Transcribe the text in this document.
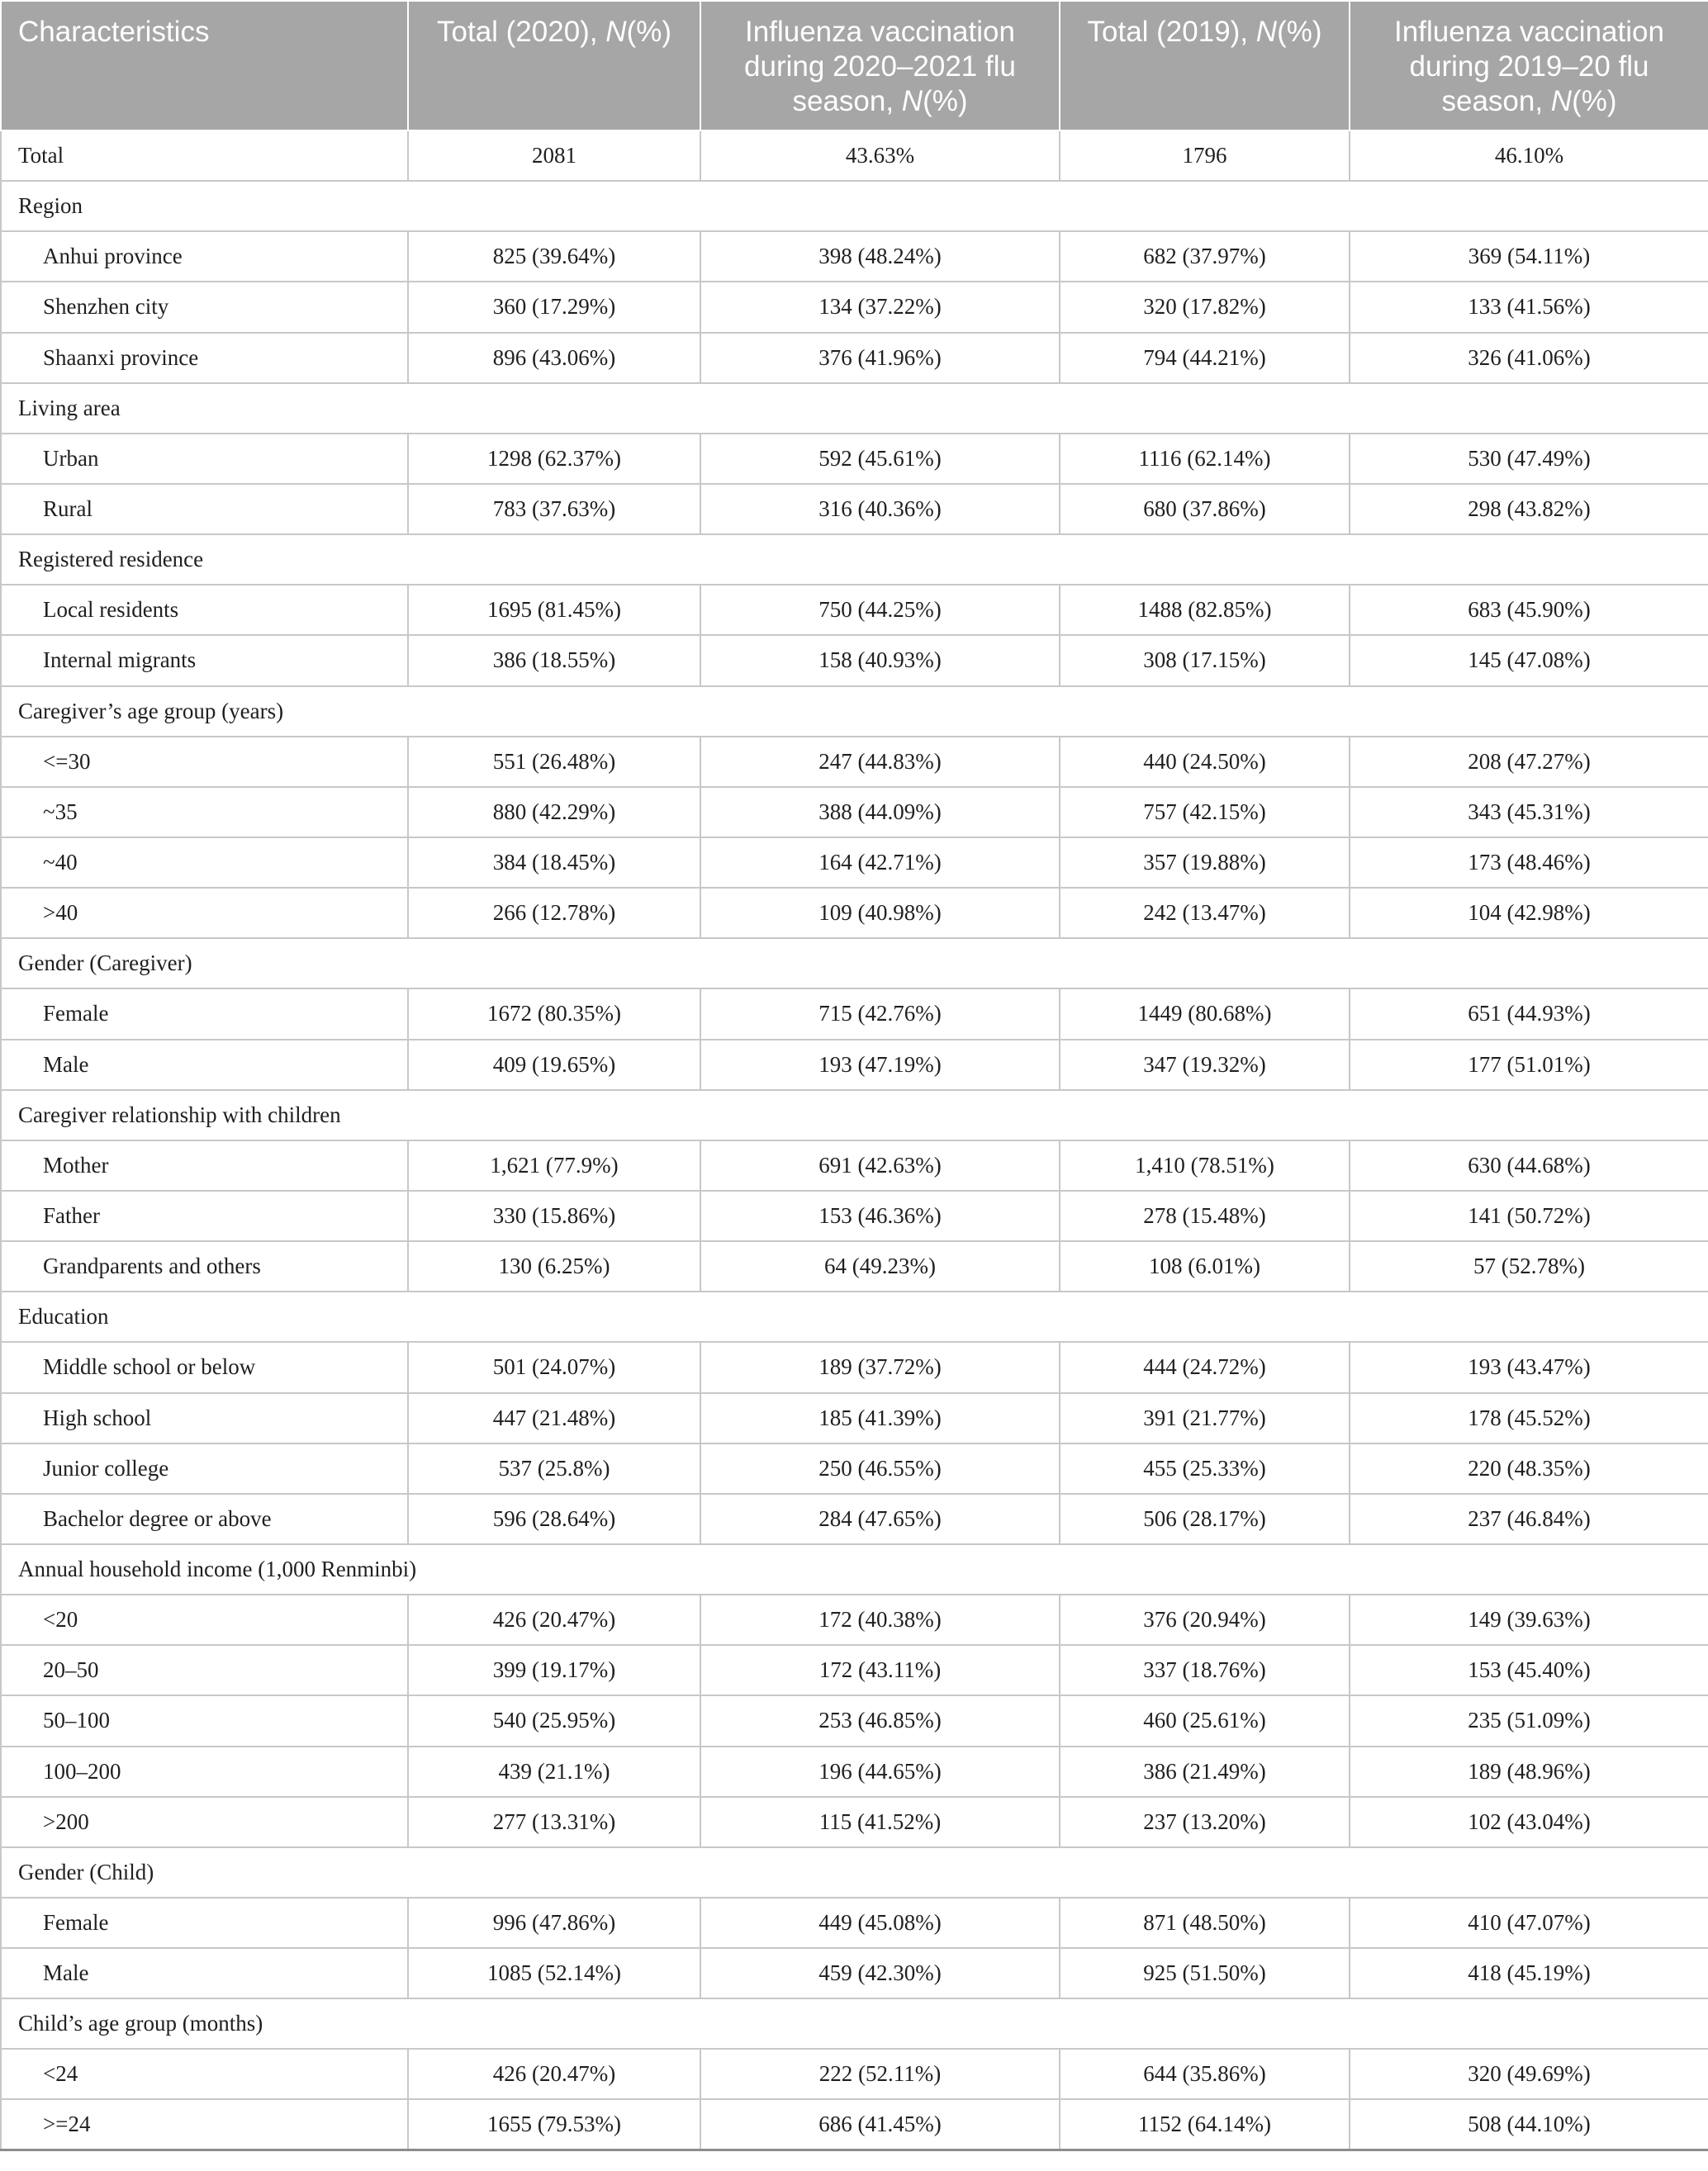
Characteristics	Total (2020), N(%)	Influenza vaccination during 2020–2021 flu season, N(%)	Total (2019), N(%)	Influenza vaccination during 2019–20 flu season, N(%)
Total	2081	43.63%	1796	46.10%
Region				
Anhui province	825 (39.64%)	398 (48.24%)	682 (37.97%)	369 (54.11%)
Shenzhen city	360 (17.29%)	134 (37.22%)	320 (17.82%)	133 (41.56%)
Shaanxi province	896 (43.06%)	376 (41.96%)	794 (44.21%)	326 (41.06%)
Living area				
Urban	1298 (62.37%)	592 (45.61%)	1116 (62.14%)	530 (47.49%)
Rural	783 (37.63%)	316 (40.36%)	680 (37.86%)	298 (43.82%)
Registered residence				
Local residents	1695 (81.45%)	750 (44.25%)	1488 (82.85%)	683 (45.90%)
Internal migrants	386 (18.55%)	158 (40.93%)	308 (17.15%)	145 (47.08%)
Caregiver’s age group (years)				
<=30	551 (26.48%)	247 (44.83%)	440 (24.50%)	208 (47.27%)
~35	880 (42.29%)	388 (44.09%)	757 (42.15%)	343 (45.31%)
~40	384 (18.45%)	164 (42.71%)	357 (19.88%)	173 (48.46%)
>40	266 (12.78%)	109 (40.98%)	242 (13.47%)	104 (42.98%)
Gender (Caregiver)				
Female	1672 (80.35%)	715 (42.76%)	1449 (80.68%)	651 (44.93%)
Male	409 (19.65%)	193 (47.19%)	347 (19.32%)	177 (51.01%)
Caregiver relationship with children				
Mother	1,621 (77.9%)	691 (42.63%)	1,410 (78.51%)	630 (44.68%)
Father	330 (15.86%)	153 (46.36%)	278 (15.48%)	141 (50.72%)
Grandparents and others	130 (6.25%)	64 (49.23%)	108 (6.01%)	57 (52.78%)
Education				
Middle school or below	501 (24.07%)	189 (37.72%)	444 (24.72%)	193 (43.47%)
High school	447 (21.48%)	185 (41.39%)	391 (21.77%)	178 (45.52%)
Junior college	537 (25.8%)	250 (46.55%)	455 (25.33%)	220 (48.35%)
Bachelor degree or above	596 (28.64%)	284 (47.65%)	506 (28.17%)	237 (46.84%)
Annual household income (1,000 Renminbi)				
<20	426 (20.47%)	172 (40.38%)	376 (20.94%)	149 (39.63%)
20–50	399 (19.17%)	172 (43.11%)	337 (18.76%)	153 (45.40%)
50–100	540 (25.95%)	253 (46.85%)	460 (25.61%)	235 (51.09%)
100–200	439 (21.1%)	196 (44.65%)	386 (21.49%)	189 (48.96%)
>200	277 (13.31%)	115 (41.52%)	237 (13.20%)	102 (43.04%)
Gender (Child)				
Female	996 (47.86%)	449 (45.08%)	871 (48.50%)	410 (47.07%)
Male	1085 (52.14%)	459 (42.30%)	925 (51.50%)	418 (45.19%)
Child’s age group (months)				
<24	426 (20.47%)	222 (52.11%)	644 (35.86%)	320 (49.69%)
>=24	1655 (79.53%)	686 (41.45%)	1152 (64.14%)	508 (44.10%)
